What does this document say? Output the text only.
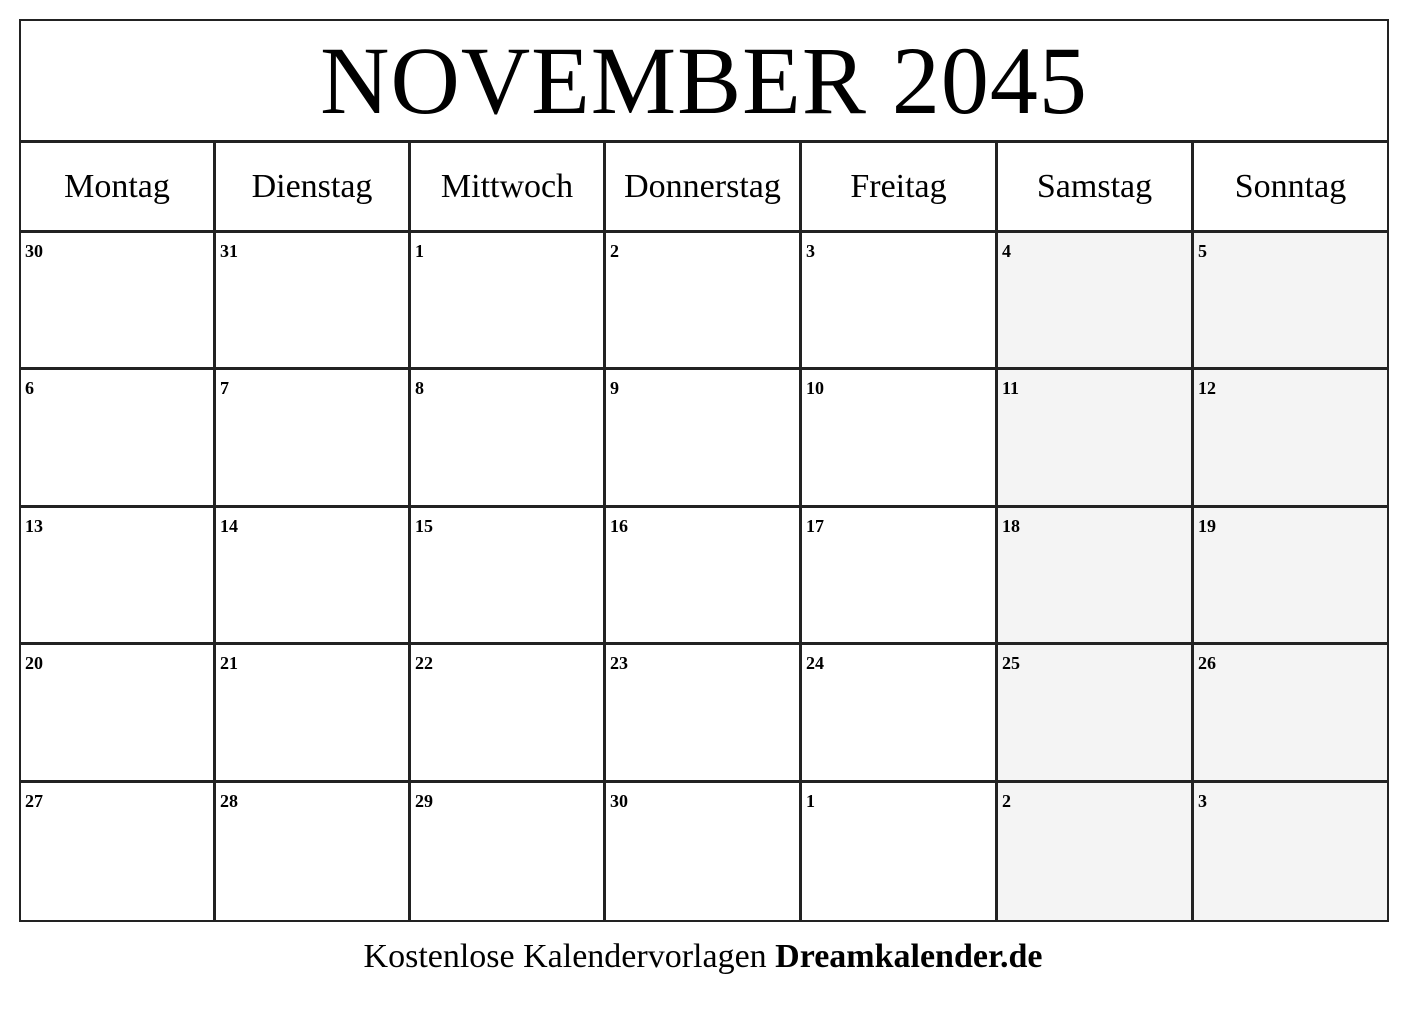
NOVEMBER 2045
Montag	Dienstag	Mittwoch	Donnerstag	Freitag	Samstag	Sonntag
30	31	1	2	3	4	5
6	7	8	9	10	11	12
13	14	15	16	17	18	19
20	21	22	23	24	25	26
27	28	29	30	1	2	3
Kostenlose Kalendervorlagen Dreamkalender.de
